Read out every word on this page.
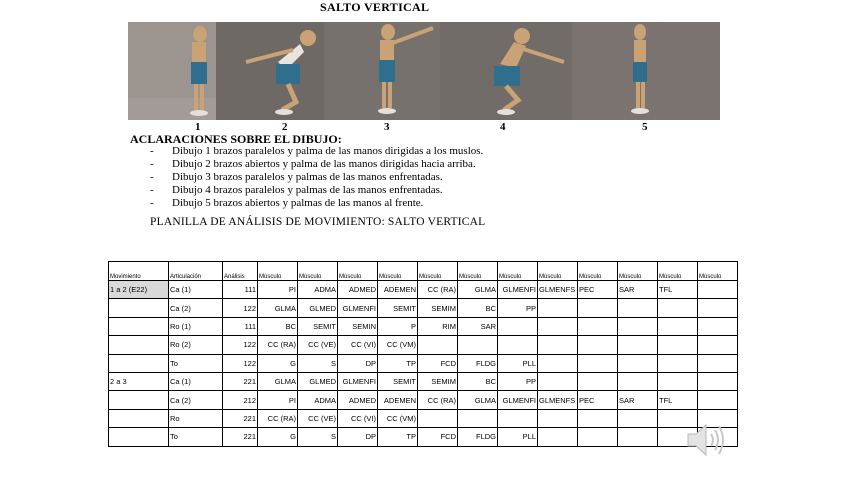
SALTO VERTICAL
1	2	3	4	5
ACLARACIONES SOBRE EL DIBUJO:
-	Dibujo 1 brazos paralelos y palma de las manos dirigidas a los muslos.
-	Dibujo 2 brazos abiertos y palma de las manos dirigidas hacia arriba.
-	Dibujo 3 brazos paralelos y palmas de las manos enfrentadas.
-	Dibujo 4 brazos paralelos y palmas de las manos enfrentadas.
-	Dibujo 5 brazos abiertos y palmas de las manos al frente.
PLANILLA DE ANÁLISIS DE MOVIMIENTO: SALTO VERTICAL
Movimiento	Articulación	Análisis	Músculo	Músculo	Músculo	Músculo	Músculo	Músculo	Músculo	Músculo	Músculo	Músculo	Músculo	Músculo
1 a 2 (E22)	Ca (1)	111	PI	ADMA	ADMED	ADEMEN	CC (RA)	GLMA	GLMENFI	GLMENFS	PEC	SAR	TFL	
	Ca (2)	122	GLMA	GLMED	GLMENFI	SEMIT	SEMIM	BC	PP					
	Ro (1)	111	BC	SEMIT	SEMIN	P	RIM	SAR						
	Ro (2)	122	CC (RA)	CC (VE)	CC (VI)	CC (VM)								
	To	122	G	S	DP	TP	FCD	FLDG	PLL					
2 a 3	Ca (1)	221	GLMA	GLMED	GLMENFI	SEMIT	SEMIM	BC	PP					
	Ca (2)	212	PI	ADMA	ADMED	ADEMEN	CC (RA)	GLMA	GLMENFI	GLMENFS	PEC	SAR	TFL	
	Ro	221	CC (RA)	CC (VE)	CC (VI)	CC (VM)								
	To	221	G	S	DP	TP	FCD	FLDG	PLL					
